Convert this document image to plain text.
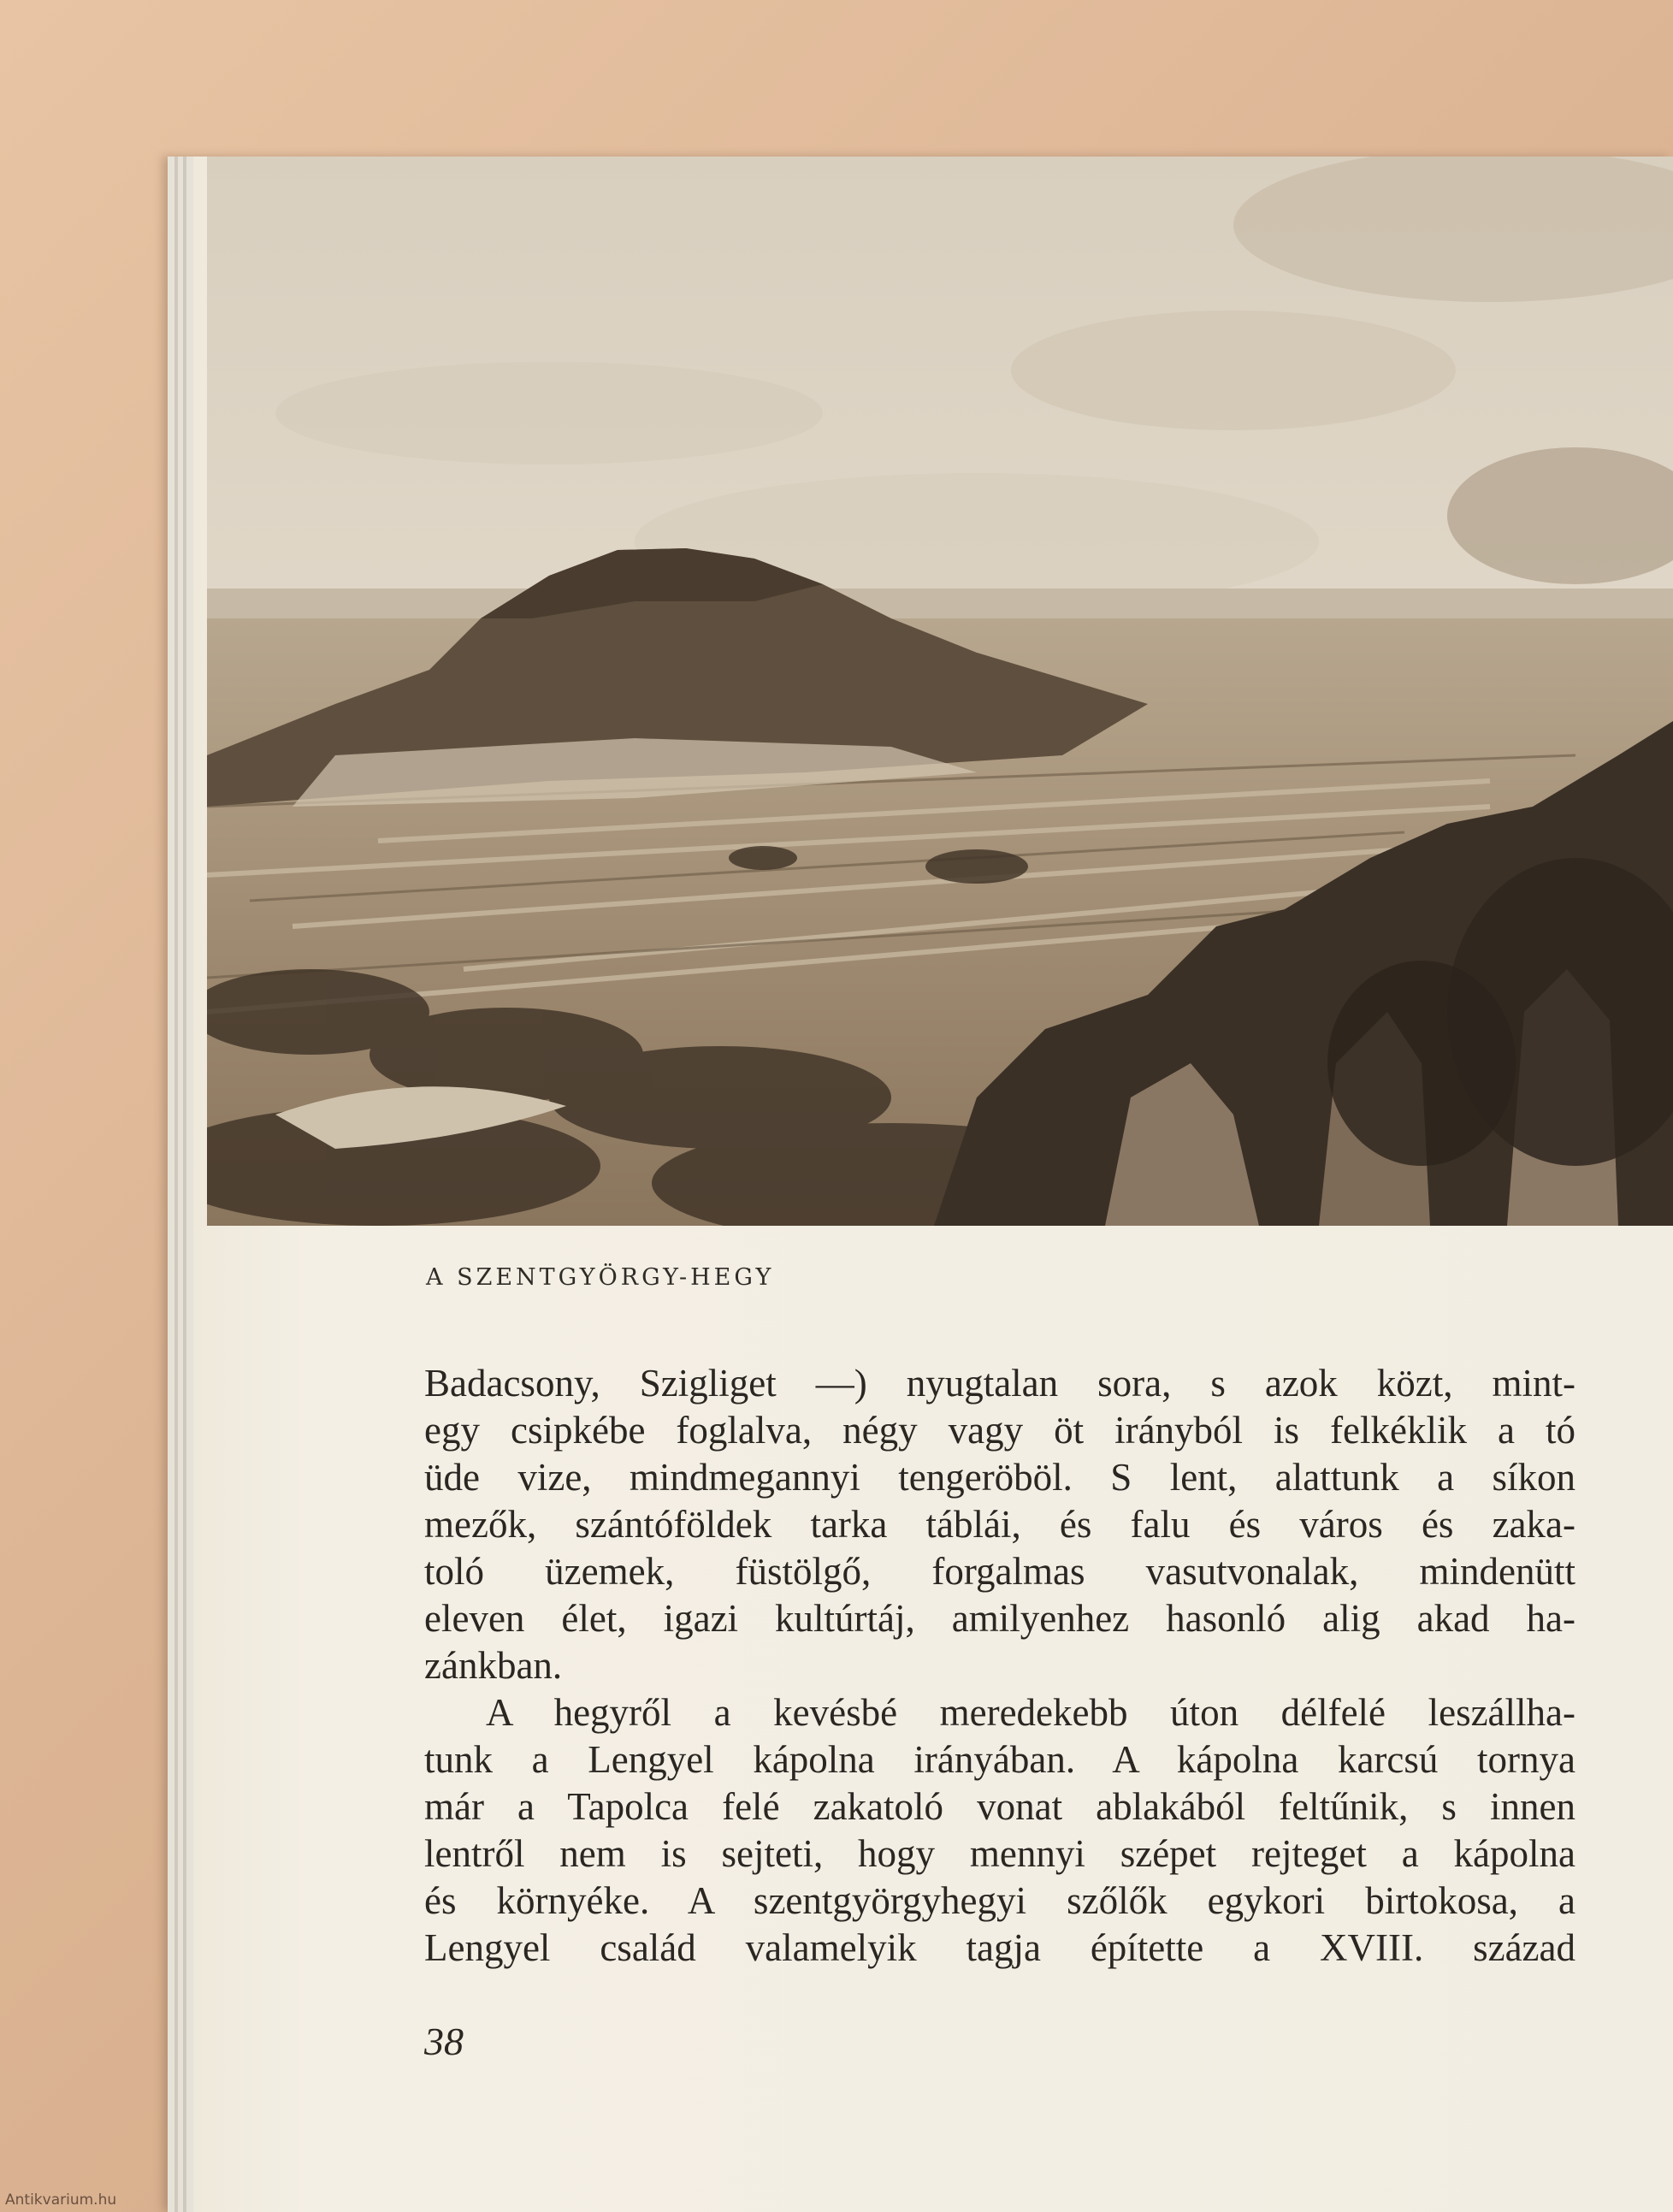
A SZENTGYÖRGY-HEGY
Badacsony, Szigliget —) nyugtalan sora, s azok közt, mint-
egy csipkébe foglalva, négy vagy öt irányból is felkéklik a tó
üde vize, mindmegannyi tengeröböl. S lent, alattunk a síkon
mezők, szántóföldek tarka táblái, és falu és város és zaka-
toló üzemek, füstölgő, forgalmas vasutvonalak, mindenütt
eleven élet, igazi kultúrtáj, amilyenhez hasonló alig akad ha-
zánkban.
A hegyről a kevésbé meredekebb úton délfelé leszállha-
tunk a Lengyel kápolna irányában. A kápolna karcsú tornya
már a Tapolca felé zakatoló vonat ablakából feltűnik, s innen
lentről nem is sejteti, hogy mennyi szépet rejteget a kápolna
és környéke. A szentgyörgyhegyi szőlők egykori birtokosa, a
Lengyel család valamelyik tagja építette a XVIII. század
38
Antikvarium.hu
